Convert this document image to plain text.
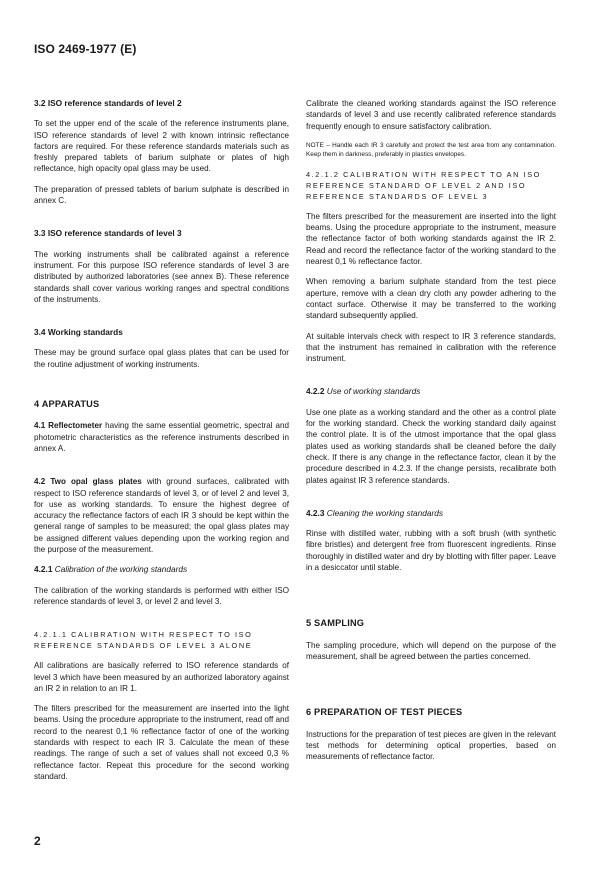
ISO 2469-1977 (E)
3.2 ISO reference standards of level 2

To set the upper end of the scale of the reference instruments plane, ISO reference standards of level 2 with known intrinsic reflectance factors are required. For these reference standards materials such as freshly prepared tablets of barium sulphate or plates of high reflectance, high opacity opal glass may be used.

The preparation of pressed tablets of barium sulphate is described in annex C.

3.3 ISO reference standards of level 3

The working instruments shall be calibrated against a reference instrument. For this purpose ISO reference standards of level 3 are distributed by authorized laboratories (see annex B). These reference standards shall cover various working ranges and spectral conditions of the instruments.

3.4 Working standards

These may be ground surface opal glass plates that can be used for the routine adjustment of working instruments.

4 APPARATUS

4.1 Reflectometer having the same essential geometric, spectral and photometric characteristics as the reference instruments described in annex A.

4.2 Two opal glass plates with ground surfaces, calibrated with respect to ISO reference standards of level 3, or of level 2 and level 3, for use as working standards. To ensure the highest degree of accuracy the reflectance factors of each IR 3 should be kept within the general range of samples to be measured; the opal glass plates may be assigned different values depending upon the working region and the purpose of the measurement.

4.2.1 Calibration of the working standards

The calibration of the working standards is performed with either ISO reference standards of level 3, or level 2 and level 3.

4.2.1.1 CALIBRATION WITH RESPECT TO ISO REFERENCE STANDARDS OF LEVEL 3 ALONE

All calibrations are basically referred to ISO reference standards of level 3 which have been measured by an authorized laboratory against an IR 2 in relation to an IR 1.

The filters prescribed for the measurement are inserted into the light beams. Using the procedure appropriate to the instrument, read off and record to the nearest 0,1 % reflectance factor of one of the working standards with respect to each IR 3. Calculate the mean of these readings. The range of such a set of values shall not exceed 0,3 % reflectance factor. Repeat this procedure for the second working standard.

Calibrate the cleaned working standards against the ISO reference standards of level 3 and use recently calibrated reference standards frequently enough to ensure satisfactory calibration.

NOTE – Handle each IR 3 carefully and protect the test area from any contamination. Keep them in darkness, preferably in plastics envelopes.

4.2.1.2 CALIBRATION WITH RESPECT TO AN ISO REFERENCE STANDARD OF LEVEL 2 AND ISO REFERENCE STANDARDS OF LEVEL 3

The filters prescribed for the measurement are inserted into the light beams. Using the procedure appropriate to the instrument, measure the reflectance factor of both working standards against the IR 2. Read and record the reflectance factor of the working standard to the nearest 0,1 % reflectance factor.

When removing a barium sulphate standard from the test piece aperture, remove with a clean dry cloth any powder adhering to the contact surface. Otherwise it may be transferred to the working standard subsequently applied.

At suitable intervals check with respect to IR 3 reference standards, that the instrument has remained in calibration with the reference instrument.

4.2.2 Use of working standards

Use one plate as a working standard and the other as a control plate for the working standard. Check the working standard daily against the control plate. It is of the utmost importance that the opal glass plates used as working standards shall be cleaned before the daily check. If there is any change in the reflectance factor, clean it by the procedure described in 4.2.3. If the change persists, recalibrate both plates against IR 3 reference standards.

4.2.3 Cleaning the working standards

Rinse with distilled water, rubbing with a soft brush (with synthetic fibre bristles) and detergent free from fluorescent ingredients. Rinse thoroughly in distilled water and dry by blotting with filter paper. Leave in a desiccator until stable.

5 SAMPLING

The sampling procedure, which will depend on the purpose of the measurement, shall be agreed between the parties concerned.

6 PREPARATION OF TEST PIECES

Instructions for the preparation of test pieces are given in the relevant test methods for determining optical properties, based on measurements of reflectance factor.

2
